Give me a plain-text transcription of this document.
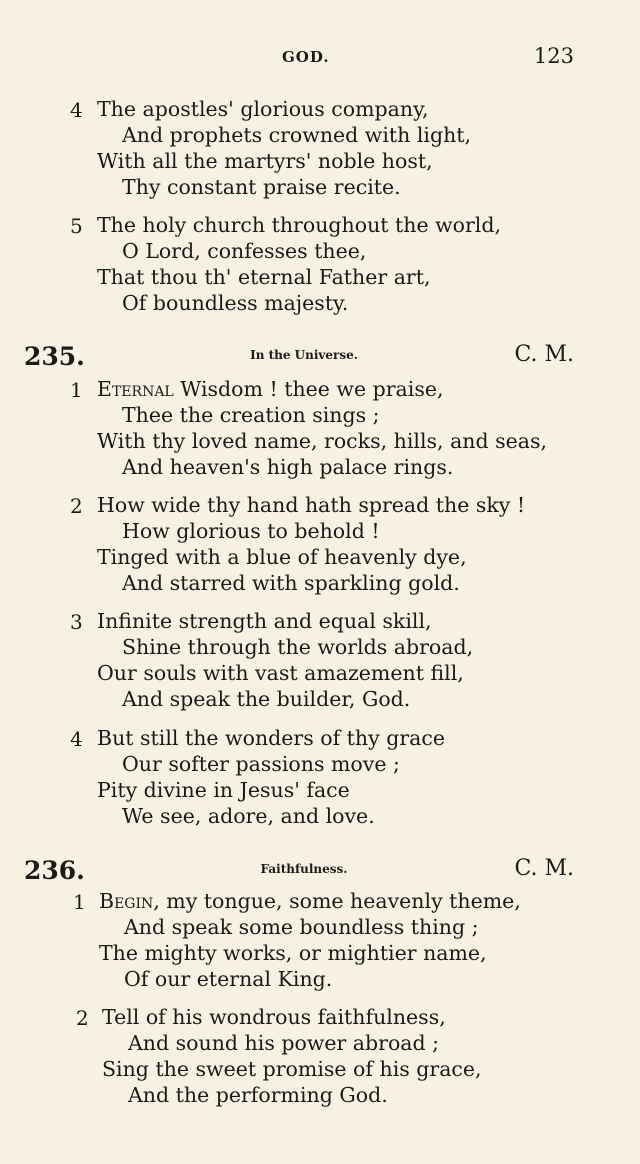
GOD.	123
4 The apostles' glorious company,
And prophets crowned with light,
With all the martyrs' noble host,
Thy constant praise recite.
5 The holy church throughout the world,
O Lord, confesses thee,
That thou th' eternal Father art,
Of boundless majesty.
235.	In the Universe.	C. M.
1 Eternal Wisdom ! thee we praise,
Thee the creation sings ;
With thy loved name, rocks, hills, and seas,
And heaven's high palace rings.
2 How wide thy hand hath spread the sky !
How glorious to behold !
Tinged with a blue of heavenly dye,
And starred with sparkling gold.
3 Infinite strength and equal skill,
Shine through the worlds abroad,
Our souls with vast amazement fill,
And speak the builder, God.
4 But still the wonders of thy grace
Our softer passions move ;
Pity divine in Jesus' face
We see, adore, and love.
236.	Faithfulness.	C. M.
1 Begin, my tongue, some heavenly theme,
And speak some boundless thing ;
The mighty works, or mightier name,
Of our eternal King.
2 Tell of his wondrous faithfulness,
And sound his power abroad ;
Sing the sweet promise of his grace,
And the performing God.
